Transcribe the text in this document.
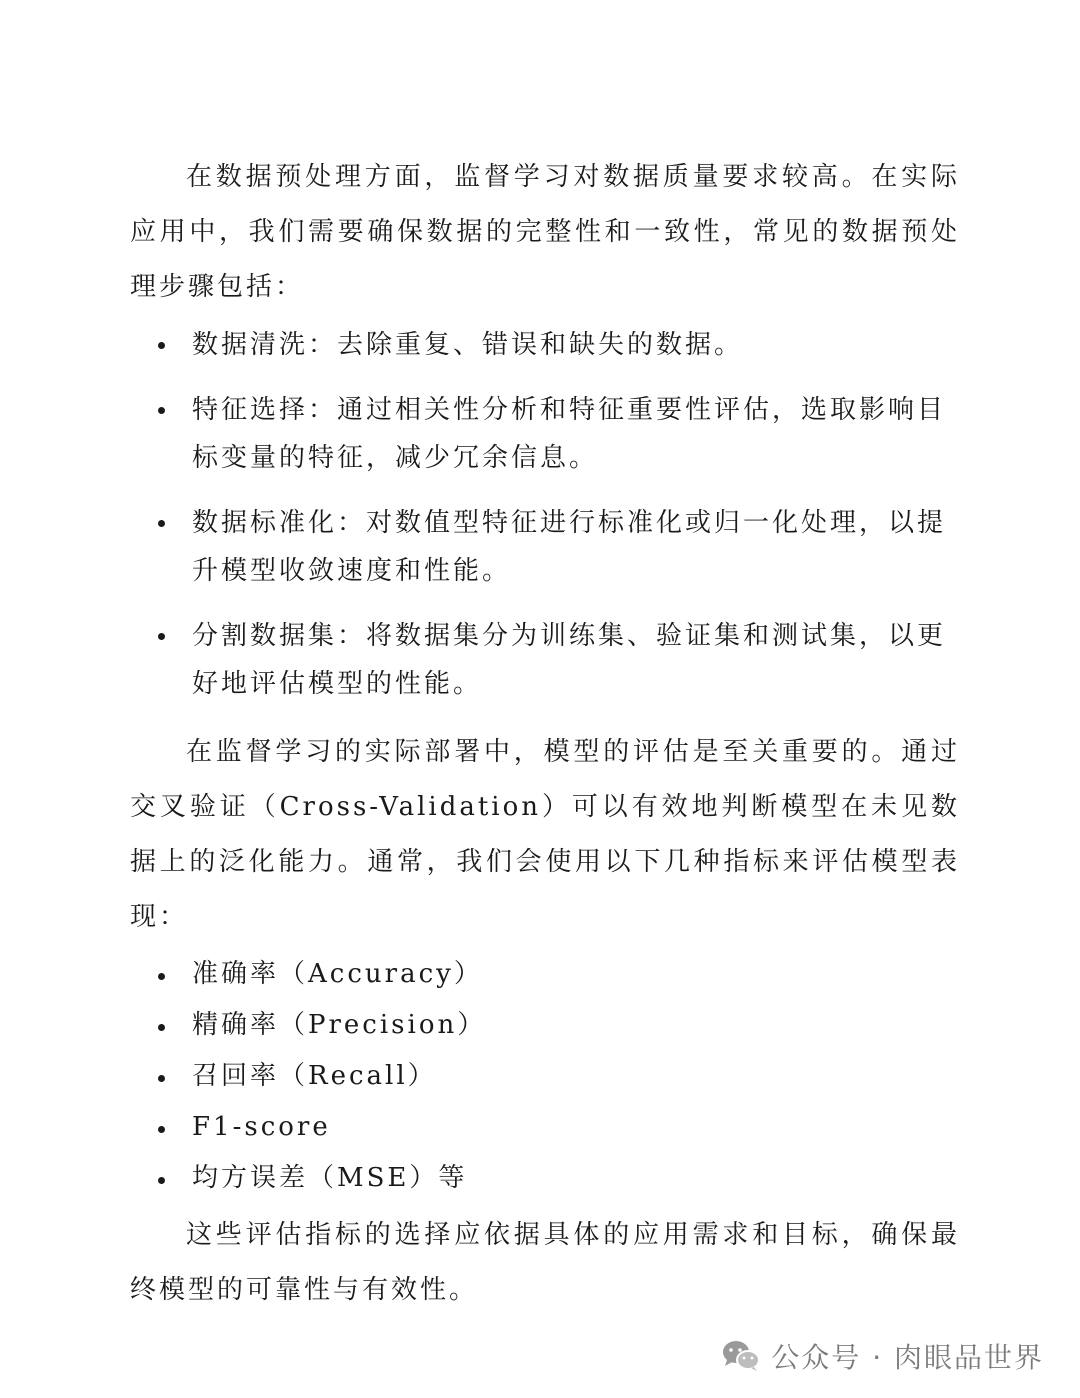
在数据预处理方面，监督学习对数据质量要求较高。在实际应用中，我们需要确保数据的完整性和一致性，常见的数据预处理步骤包括：

数据清洗：去除重复、错误和缺失的数据。
特征选择：通过相关性分析和特征重要性评估，选取影响目标变量的特征，减少冗余信息。
数据标准化：对数值型特征进行标准化或归一化处理，以提升模型收敛速度和性能。
分割数据集：将数据集分为训练集、验证集和测试集，以更好地评估模型的性能。

在监督学习的实际部署中，模型的评估是至关重要的。通过交叉验证（Cross-Validation）可以有效地判断模型在未见数据上的泛化能力。通常，我们会使用以下几种指标来评估模型表现：

准确率（Accuracy）
精确率（Precision）
召回率（Recall）
F1-score
均方误差（MSE）等

这些评估指标的选择应依据具体的应用需求和目标，确保最终模型的可靠性与有效性。

公众号 · 肉眼品世界
